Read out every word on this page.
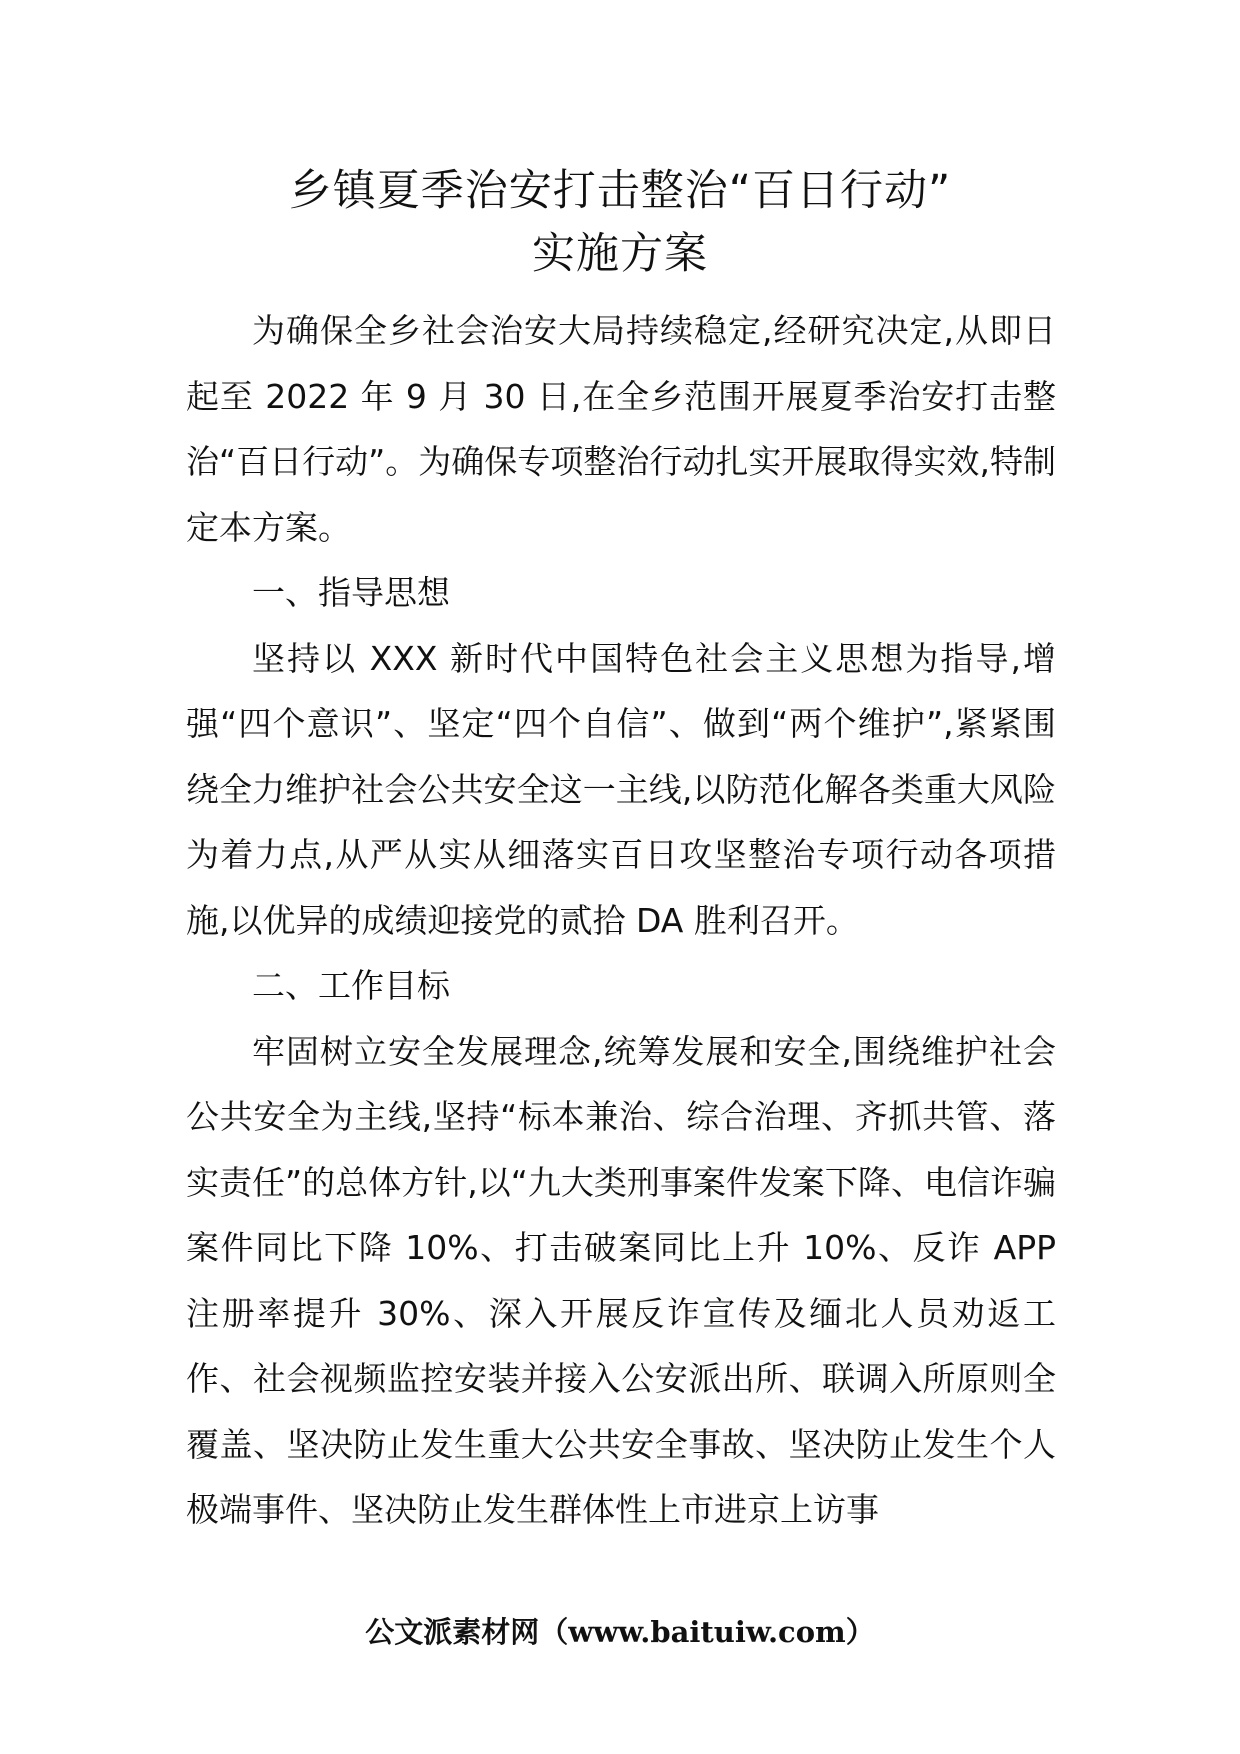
乡镇夏季治安打击整治“百日行动”
实施方案

为确保全乡社会治安大局持续稳定,经研究决定,从即日起至 2022 年 9 月 30 日,在全乡范围开展夏季治安打击整治“百日行动”。为确保专项整治行动扎实开展取得实效,特制定本方案。

一、指导思想

坚持以 XXX 新时代中国特色社会主义思想为指导,增强“四个意识”、坚定“四个自信”、做到“两个维护”,紧紧围绕全力维护社会公共安全这一主线,以防范化解各类重大风险为着力点,从严从实从细落实百日攻坚整治专项行动各项措施,以优异的成绩迎接党的贰拾 DA 胜利召开。

二、工作目标

牢固树立安全发展理念,统筹发展和安全,围绕维护社会公共安全为主线,坚持“标本兼治、综合治理、齐抓共管、落实责任”的总体方针,以“九大类刑事案件发案下降、电信诈骗案件同比下降 10%、打击破案同比上升 10%、反诈 APP 注册率提升 30%、深入开展反诈宣传及缅北人员劝返工作、社会视频监控安装并接入公安派出所、联调入所原则全覆盖、坚决防止发生重大公共安全事故、坚决防止发生个人极端事件、坚决防止发生群体性上市进京上访事

公文派素材网（www.baituiw.com）
